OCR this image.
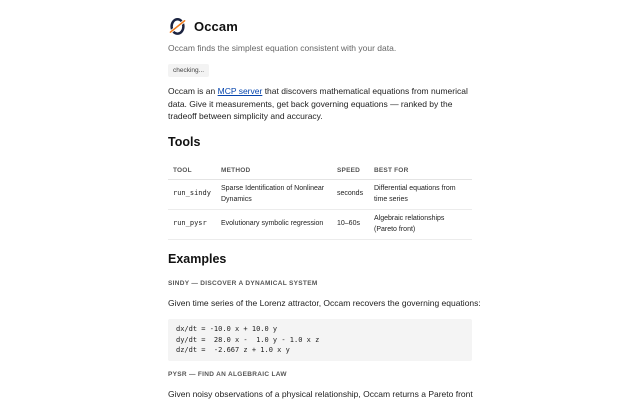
Occam
Occam finds the simplest equation consistent with your data.
checking...

Occam is an MCP server that discovers mathematical equations from numerical data. Give it measurements, get back governing equations — ranked by the tradeoff between simplicity and accuracy.

Tools
TOOL	METHOD	SPEED	BEST FOR
run_sindy	Sparse Identification of Nonlinear Dynamics	seconds	Differential equations from time series
run_pysr	Evolutionary symbolic regression	10–60s	Algebraic relationships (Pareto front)
Examples
SINDY — DISCOVER A DYNAMICAL SYSTEM

Given time series of the Lorenz attractor, Occam recovers the governing equations:

dx/dt = -10.0 x + 10.0 y
dy/dt =  28.0 x -  1.0 y - 1.0 x z
dz/dt =  -2.667 z + 1.0 x y
PYSR — FIND AN ALGEBRAIC LAW

Given noisy observations of a physical relationship, Occam returns a Pareto front
